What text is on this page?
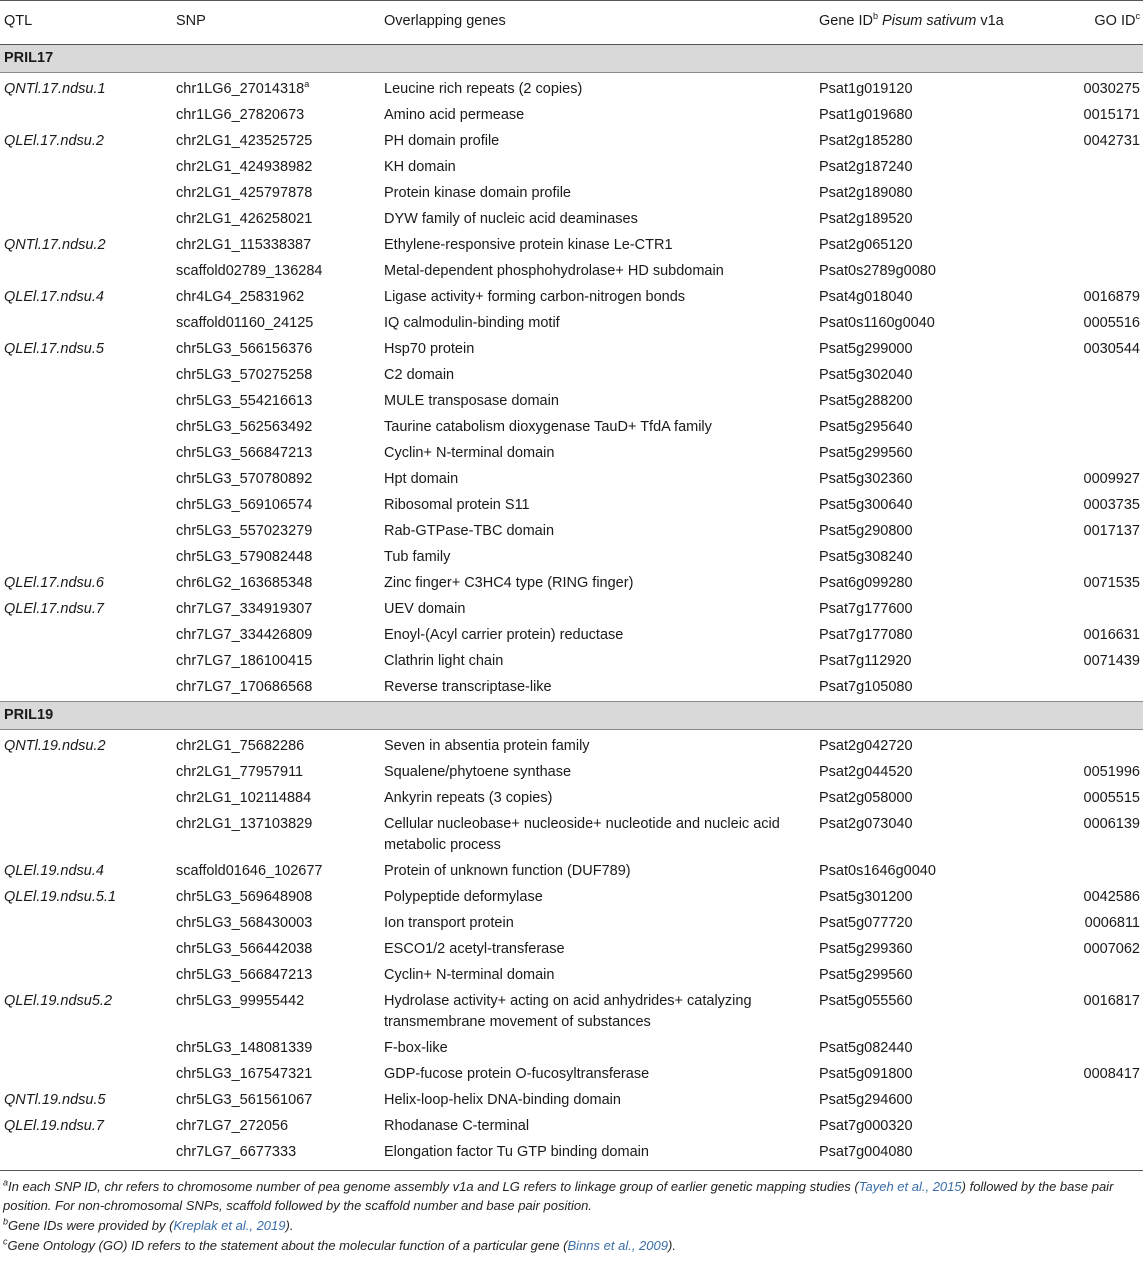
QTL	SNP	Overlapping genes	Gene $ID^b$ Pisum sativum v1a	GO $ID^c$
PRIL17				
QNTl.17.ndsu.1	chr1LG6_27014318$^a$	Leucine rich repeats (2 copies)	Psat1g019120	0030275
	chr1LG6_27820673	Amino acid permease	Psat1g019680	0015171
QLEl.17.ndsu.2	chr2LG1_423525725	PH domain profile	Psat2g185280	0042731
	chr2LG1_424938982	KH domain	Psat2g187240	
	chr2LG1_425797878	Protein kinase domain profile	Psat2g189080	
	chr2LG1_426258021	DYW family of nucleic acid deaminases	Psat2g189520	
QNTl.17.ndsu.2	chr2LG1_115338387	Ethylene-responsive protein kinase Le-CTR1	Psat2g065120	
	scaffold02789_136284	Metal-dependent phosphohydrolase+ HD subdomain	Psat0s2789g0080	
QLEl.17.ndsu.4	chr4LG4_25831962	Ligase activity+ forming carbon-nitrogen bonds	Psat4g018040	0016879
	scaffold01160_24125	IQ calmodulin-binding motif	Psat0s1160g0040	0005516
QLEl.17.ndsu.5	chr5LG3_566156376	Hsp70 protein	Psat5g299000	0030544
	chr5LG3_570275258	C2 domain	Psat5g302040	
	chr5LG3_554216613	MULE transposase domain	Psat5g288200	
	chr5LG3_562563492	Taurine catabolism dioxygenase TauD+ TfdA family	Psat5g295640	
	chr5LG3_566847213	Cyclin+ N-terminal domain	Psat5g299560	
	chr5LG3_570780892	Hpt domain	Psat5g302360	0009927
	chr5LG3_569106574	Ribosomal protein S11	Psat5g300640	0003735
	chr5LG3_557023279	Rab-GTPase-TBC domain	Psat5g290800	0017137
	chr5LG3_579082448	Tub family	Psat5g308240	
QLEl.17.ndsu.6	chr6LG2_163685348	Zinc finger+ C3HC4 type (RING finger)	Psat6g099280	0071535
QLEl.17.ndsu.7	chr7LG7_334919307	UEV domain	Psat7g177600	
	chr7LG7_334426809	Enoyl-(Acyl carrier protein) reductase	Psat7g177080	0016631
	chr7LG7_186100415	Clathrin light chain	Psat7g112920	0071439
	chr7LG7_170686568	Reverse transcriptase-like	Psat7g105080	
PRIL19				
QNTl.19.ndsu.2	chr2LG1_75682286	Seven in absentia protein family	Psat2g042720	
	chr2LG1_77957911	Squalene/phytoene synthase	Psat2g044520	0051996
	chr2LG1_102114884	Ankyrin repeats (3 copies)	Psat2g058000	0005515
	chr2LG1_137103829	Cellular nucleobase+ nucleoside+ nucleotide and nucleic acid metabolic process	Psat2g073040	0006139
QLEl.19.ndsu.4	scaffold01646_102677	Protein of unknown function (DUF789)	Psat0s1646g0040	
QLEl.19.ndsu.5.1	chr5LG3_569648908	Polypeptide deformylase	Psat5g301200	0042586
	chr5LG3_568430003	Ion transport protein	Psat5g077720	0006811
	chr5LG3_566442038	ESCO1/2 acetyl-transferase	Psat5g299360	0007062
	chr5LG3_566847213	Cyclin+ N-terminal domain	Psat5g299560	
QLEl.19.ndsu5.2	chr5LG3_99955442	Hydrolase activity+ acting on acid anhydrides+ catalyzing transmembrane movement of substances	Psat5g055560	0016817
	chr5LG3_148081339	F-box-like	Psat5g082440	
	chr5LG3_167547321	GDP-fucose protein O-fucosyltransferase	Psat5g091800	0008417
QNTl.19.ndsu.5	chr5LG3_561561067	Helix-loop-helix DNA-binding domain	Psat5g294600	
QLEl.19.ndsu.7	chr7LG7_272056	Rhodanase C-terminal	Psat7g000320	
	chr7LG7_6677333	Elongation factor Tu GTP binding domain	Psat7g004080	

$^a$In each SNP ID, chr refers to chromosome number of pea genome assembly v1a and LG refers to linkage group of earlier genetic mapping studies (Tayeh et al., 2015) followed by the base pair position. For non-chromosomal SNPs, scaffold followed by the scaffold number and base pair position.

$^b$Gene IDs were provided by (Kreplak et al., 2019).

$^c$Gene Ontology (GO) ID refers to the statement about the molecular function of a particular gene (Binns et al., 2009).
